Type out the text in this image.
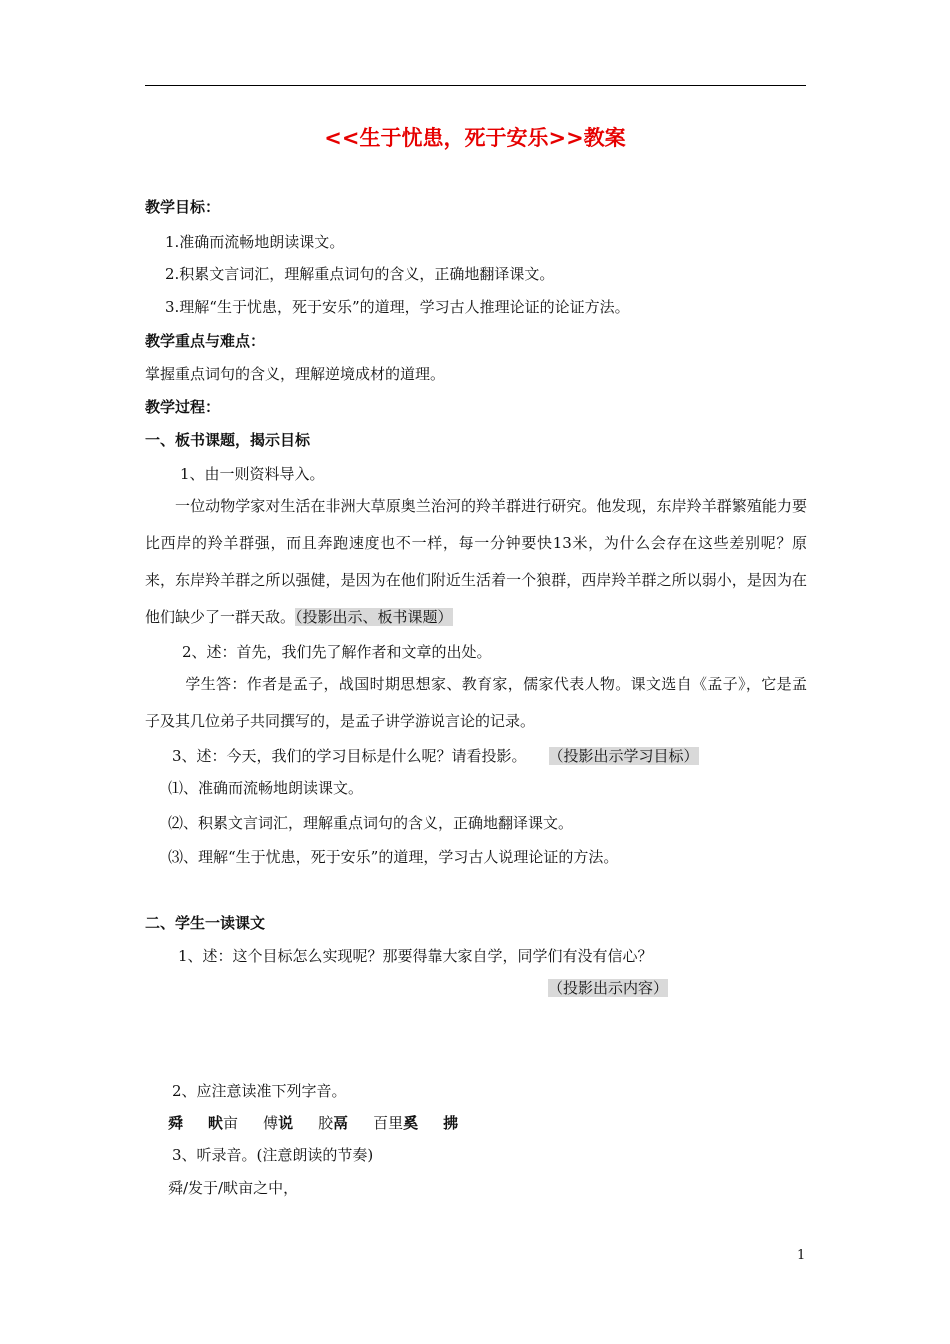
<<生于忧患，死于安乐>>教案
教学目标：
1.准确而流畅地朗读课文。
2.积累文言词汇，理解重点词句的含义，正确地翻译课文。
3.理解“生于忧患，死于安乐”的道理，学习古人推理论证的论证方法。
教学重点与难点：
掌握重点词句的含义，理解逆境成材的道理。
教学过程：
一、板书课题，揭示目标
1、由一则资料导入。
一位动物学家对生活在非洲大草原奥兰治河的羚羊群进行研究。他发现，东岸羚羊群繁殖能力要比西岸的羚羊群强，而且奔跑速度也不一样，每一分钟要快13米，为什么会存在这些差别呢？原来，东岸羚羊群之所以强健，是因为在他们附近生活着一个狼群，西岸羚羊群之所以弱小，是因为在他们缺少了一群天敌。（投影出示、板书课题）
2、述：首先，我们先了解作者和文章的出处。
学生答：作者是孟子，战国时期思想家、教育家，儒家代表人物。课文选自《孟子》，它是孟子及其几位弟子共同撰写的，是孟子讲学游说言论的记录。
3、述：今天，我们的学习目标是什么呢？请看投影。 （投影出示学习目标）
⑴、准确而流畅地朗读课文。
⑵、积累文言词汇，理解重点词句的含义，正确地翻译课文。
⑶、理解“生于忧患，死于安乐”的道理，学习古人说理论证的方法。
二、学生一读课文
1、述：这个目标怎么实现呢？那要得靠大家自学，同学们有没有信心？
（投影出示内容）
2、应注意读准下列字音。
舜 畎亩 傅说 胶鬲 百里奚 拂
3、听录音。(注意朗读的节奏)
舜/发于/畎亩之中，
1
